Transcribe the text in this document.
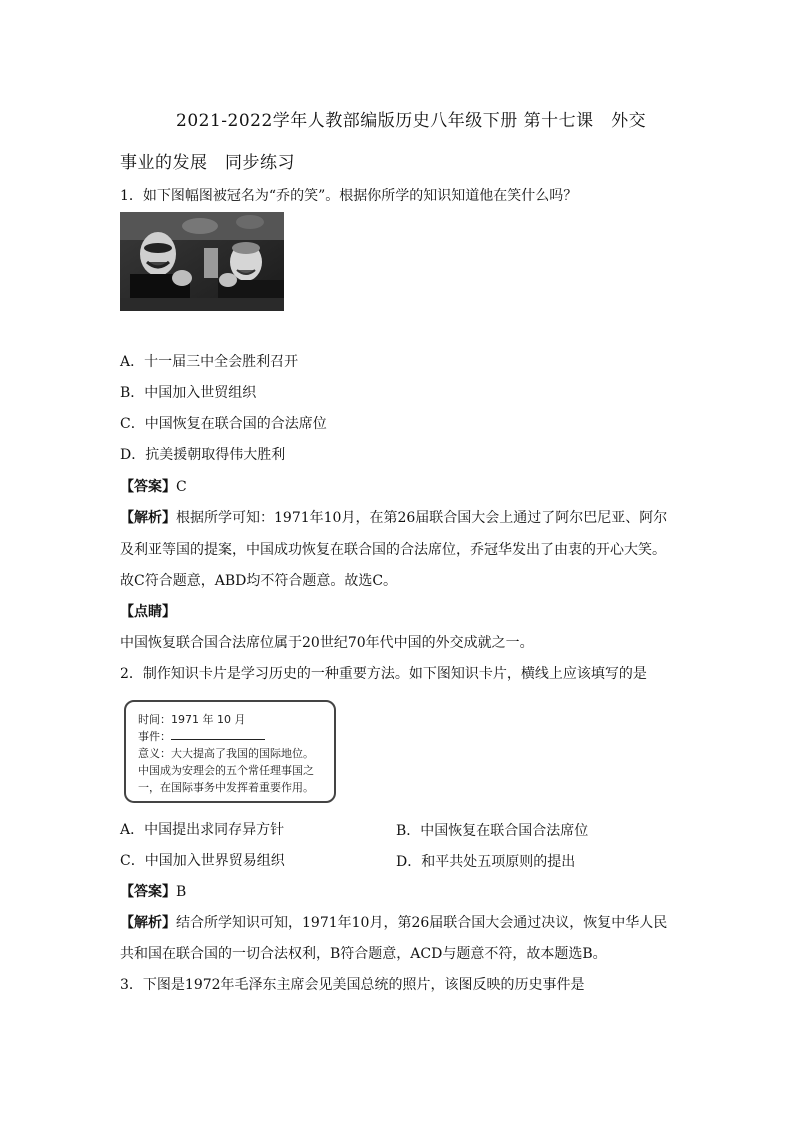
2021-2022学年人教部编版历史八年级下册 第十七课　外交
事业的发展　同步练习
1．如下图幅图被冠名为“乔的笑”。根据你所学的知识知道他在笑什么吗？
A．十一届三中全会胜利召开
B．中国加入世贸组织
C．中国恢复在联合国的合法席位
D．抗美援朝取得伟大胜利
【答案】C
【解析】根据所学可知：1971年10月，在第26届联合国大会上通过了阿尔巴尼亚、阿尔
及利亚等国的提案，中国成功恢复在联合国的合法席位，乔冠华发出了由衷的开心大笑。
故C符合题意，ABD均不符合题意。故选C。
【点睛】
中国恢复联合国合法席位属于20世纪70年代中国的外交成就之一。
2．制作知识卡片是学习历史的一种重要方法。如下图知识卡片，横线上应该填写的是
时间：1971 年 10 月
事件：
意义：大大提高了我国的国际地位。
中国成为安理会的五个常任理事国之
一，在国际事务中发挥着重要作用。
A．中国提出求同存异方针	B．中国恢复在联合国合法席位
C．中国加入世界贸易组织	D．和平共处五项原则的提出
【答案】B
【解析】结合所学知识可知，1971年10月，第26届联合国大会通过决议，恢复中华人民
共和国在联合国的一切合法权利，B符合题意，ACD与题意不符，故本题选B。
3．下图是1972年毛泽东主席会见美国总统的照片，该图反映的历史事件是
